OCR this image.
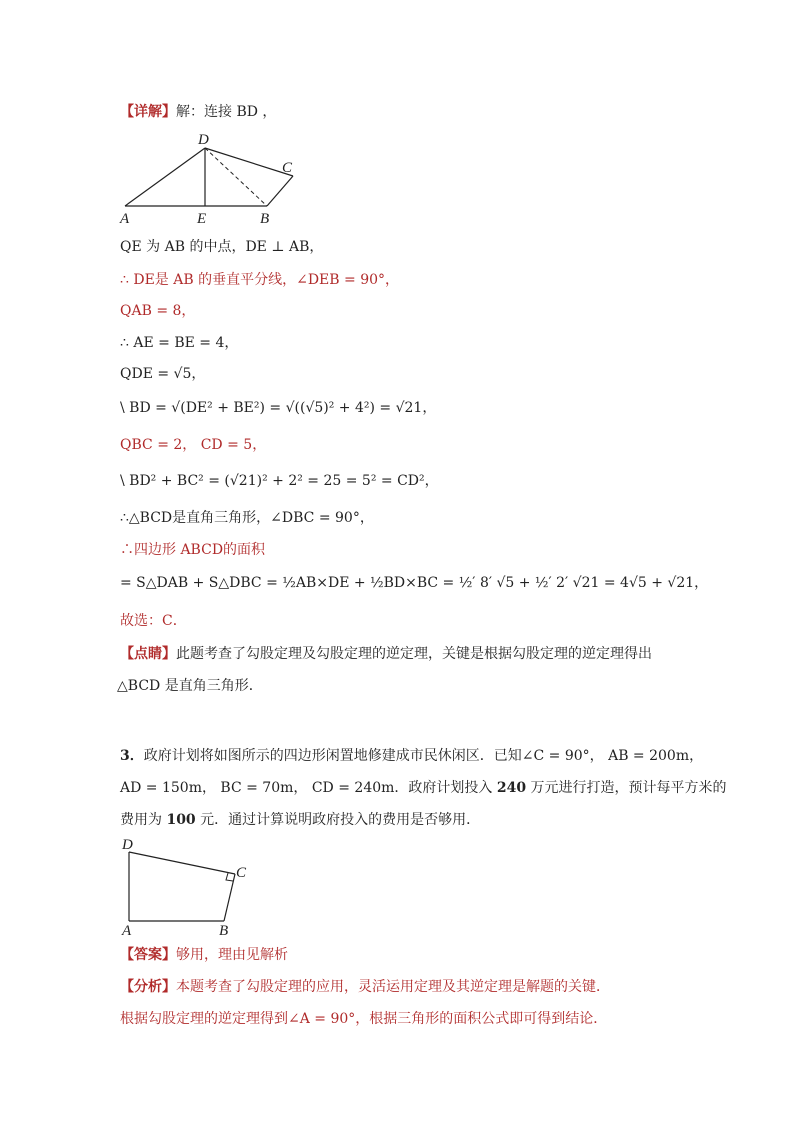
【详解】解：连接 BD ，
D
C
A	E	B
QE 为 AB 的中点，DE ⊥ AB，
∴ DE是 AB 的垂直平分线，∠DEB = 90°，
QAB = 8，
∴ AE = BE = 4，
QDE = √5，
\ BD = √(DE² + BE²) = √((√5)² + 4²) = √21，
QBC = 2， CD = 5，
\ BD² + BC² = (√21)² + 2² = 25 = 5² = CD²，
∴△BCD是直角三角形，∠DBC = 90°，
∴四边形 ABCD的面积
= S△DAB + S△DBC = ½AB×DE + ½BD×BC = ½′ 8′ √5 + ½′ 2′ √21 = 4√5 + √21，
故选：C．
【点睛】此题考查了勾股定理及勾股定理的逆定理，关键是根据勾股定理的逆定理得出
△BCD 是直角三角形．
3．政府计划将如图所示的四边形闲置地修建成市民休闲区．已知∠C = 90°， AB = 200m，
AD = 150m， BC = 70m， CD = 240m．政府计划投入 240 万元进行打造，预计每平方米的
费用为 100 元．通过计算说明政府投入的费用是否够用．
D
C
A	B
【答案】够用，理由见解析
【分析】本题考查了勾股定理的应用，灵活运用定理及其逆定理是解题的关键．
根据勾股定理的逆定理得到∠A = 90°，根据三角形的面积公式即可得到结论．
